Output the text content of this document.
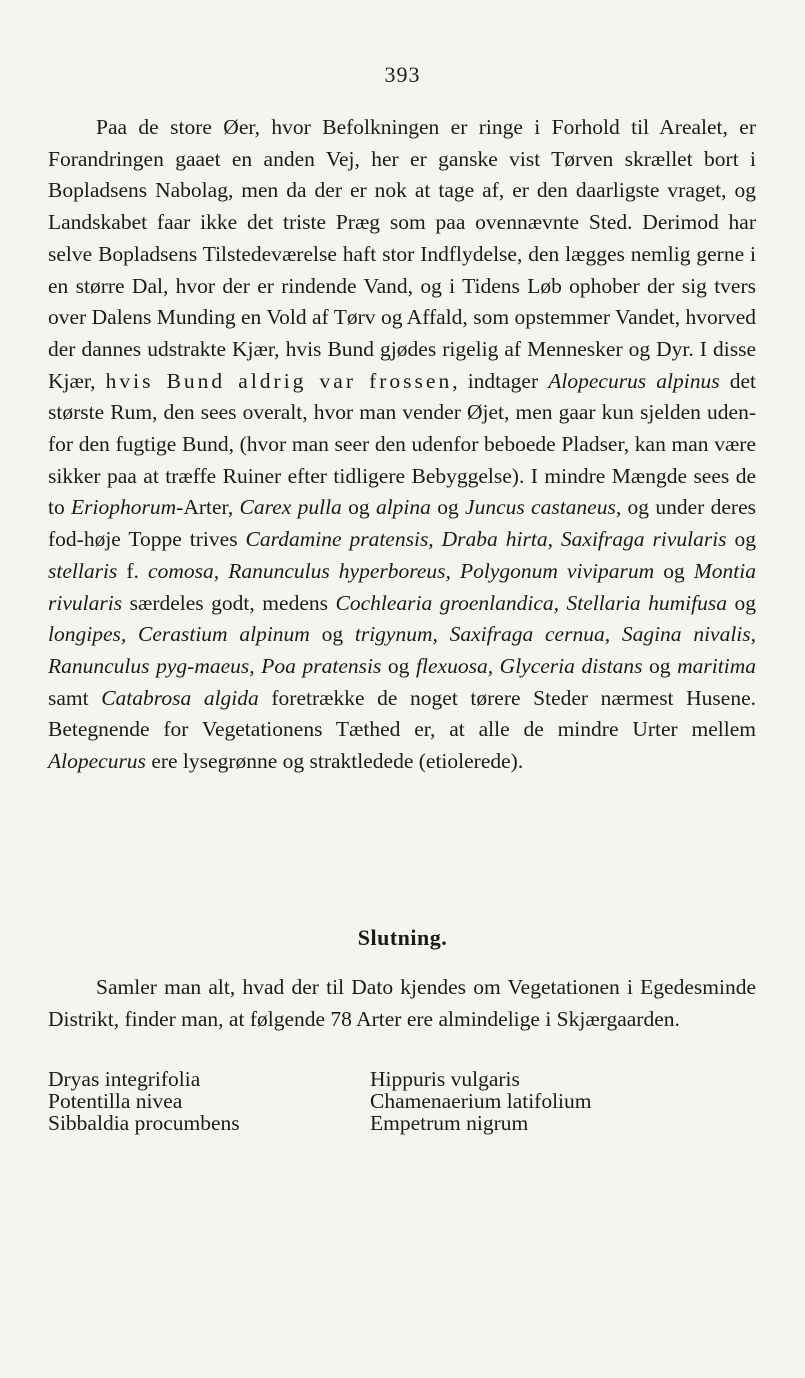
393

Paa de store Øer, hvor Befolkningen er ringe i Forhold til Arealet, er Forandringen gaaet en anden Vej, her er ganske vist Tørven skrællet bort i Bopladsens Nabolag, men da der er nok at tage af, er den daarligste vraget, og Landskabet faar ikke det triste Præg som paa ovennævnte Sted. Derimod har selve Bopladsens Tilstedeværelse haft stor Indflydelse, den lægges nemlig gerne i en større Dal, hvor der er rindende Vand, og i Tidens Løb ophober der sig tvers over Dalens Munding en Vold af Tørv og Affald, som opstemmer Vandet, hvorved der dannes udstrakte Kjær, hvis Bund gjødes rigelig af Mennesker og Dyr. I disse Kjær, hvis Bund aldrig var frossen, indtager Alopecurus alpinus det største Rum, den sees overalt, hvor man vender Øjet, men gaar kun sjelden uden-for den fugtige Bund, (hvor man seer den udenfor beboede Pladser, kan man være sikker paa at træffe Ruiner efter tidligere Bebyggelse). I mindre Mængde sees de to Eriophorum-Arter, Carex pulla og alpina og Juncus castaneus, og under deres fod-høje Toppe trives Cardamine pratensis, Draba hirta, Saxifraga rivularis og stellaris f. comosa, Ranunculus hyperboreus, Polygonum viviparum og Montia rivularis særdeles godt, medens Cochlearia groenlandica, Stellaria humifusa og longipes, Cerastium alpinum og trigynum, Saxifraga cernua, Sagina nivalis, Ranunculus pyg-maeus, Poa pratensis og flexuosa, Glyceria distans og maritima samt Catabrosa algida foretrække de noget tørere Steder nærmest Husene. Betegnende for Vegetationens Tæthed er, at alle de mindre Urter mellem Alopecurus ere lysegrønne og straktledede (etiolerede).

Slutning.

Samler man alt, hvad der til Dato kjendes om Vegetationen i Egedesminde Distrikt, finder man, at følgende 78 Arter ere almindelige i Skjærgaarden.

Dryas integrifolia	Hippuris vulgaris
Potentilla nivea	Chamenaerium latifolium
Sibbaldia procumbens	Empetrum nigrum
